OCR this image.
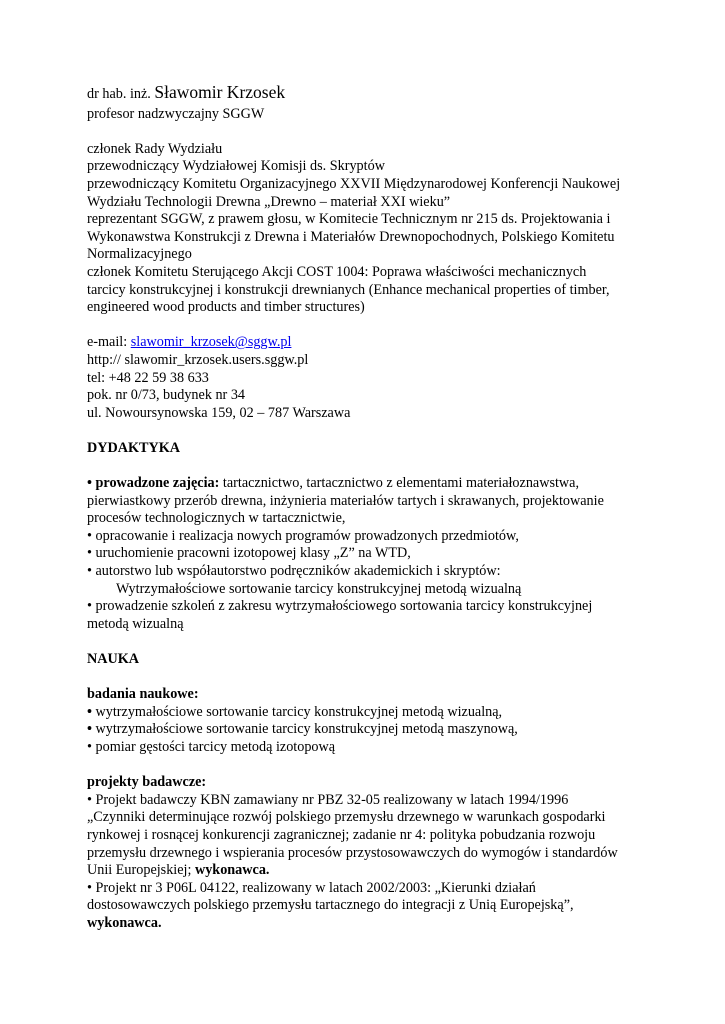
dr hab. inż. Sławomir Krzosek
profesor nadzwyczajny SGGW
członek Rady Wydziału
przewodniczący Wydziałowej Komisji ds. Skryptów
przewodniczący Komitetu Organizacyjnego XXVII Międzynarodowej Konferencji Naukowej
Wydziału Technologii Drewna „Drewno – materiał XXI wieku”
reprezentant SGGW, z prawem głosu, w Komitecie Technicznym nr 215 ds. Projektowania i
Wykonawstwa Konstrukcji z Drewna i Materiałów Drewnopochodnych, Polskiego Komitetu
Normalizacyjnego
członek Komitetu Sterującego Akcji COST 1004: Poprawa właściwości mechanicznych
tarcicy konstrukcyjnej i konstrukcji drewnianych (Enhance mechanical properties of timber,
engineered wood products and timber structures)
e-mail: slawomir_krzosek@sggw.pl
http:// slawomir_krzosek.users.sggw.pl
tel: +48 22 59 38 633
pok. nr 0/73, budynek nr 34
ul. Nowoursynowska 159, 02 – 787 Warszawa
DYDAKTYKA
• prowadzone zajęcia: tartacznictwo, tartacznictwo z elementami materiałoznawstwa,
pierwiastkowy przerób drewna, inżynieria materiałów tartych i skrawanych, projektowanie
procesów technologicznych w tartacznictwie,
• opracowanie i realizacja nowych programów prowadzonych przedmiotów,
• uruchomienie pracowni izotopowej klasy „Z” na WTD,
• autorstwo lub współautorstwo podręczników akademickich i skryptów:
Wytrzymałościowe sortowanie tarcicy konstrukcyjnej metodą wizualną
• prowadzenie szkoleń z zakresu wytrzymałościowego sortowania tarcicy konstrukcyjnej
metodą wizualną
NAUKA
badania naukowe:
• wytrzymałościowe sortowanie tarcicy konstrukcyjnej metodą wizualną,
• wytrzymałościowe sortowanie tarcicy konstrukcyjnej metodą maszynową,
• pomiar gęstości tarcicy metodą izotopową
projekty badawcze:
• Projekt badawczy KBN zamawiany nr PBZ 32-05 realizowany w latach 1994/1996
„Czynniki determinujące rozwój polskiego przemysłu drzewnego w warunkach gospodarki
rynkowej i rosnącej konkurencji zagranicznej; zadanie nr 4: polityka pobudzania rozwoju
przemysłu drzewnego i wspierania procesów przystosowawczych do wymogów i standardów
Unii Europejskiej; wykonawca.
• Projekt nr 3 P06L 04122, realizowany w latach 2002/2003: „Kierunki działań
dostosowawczych polskiego przemysłu tartacznego do integracji z Unią Europejską”,
wykonawca.
